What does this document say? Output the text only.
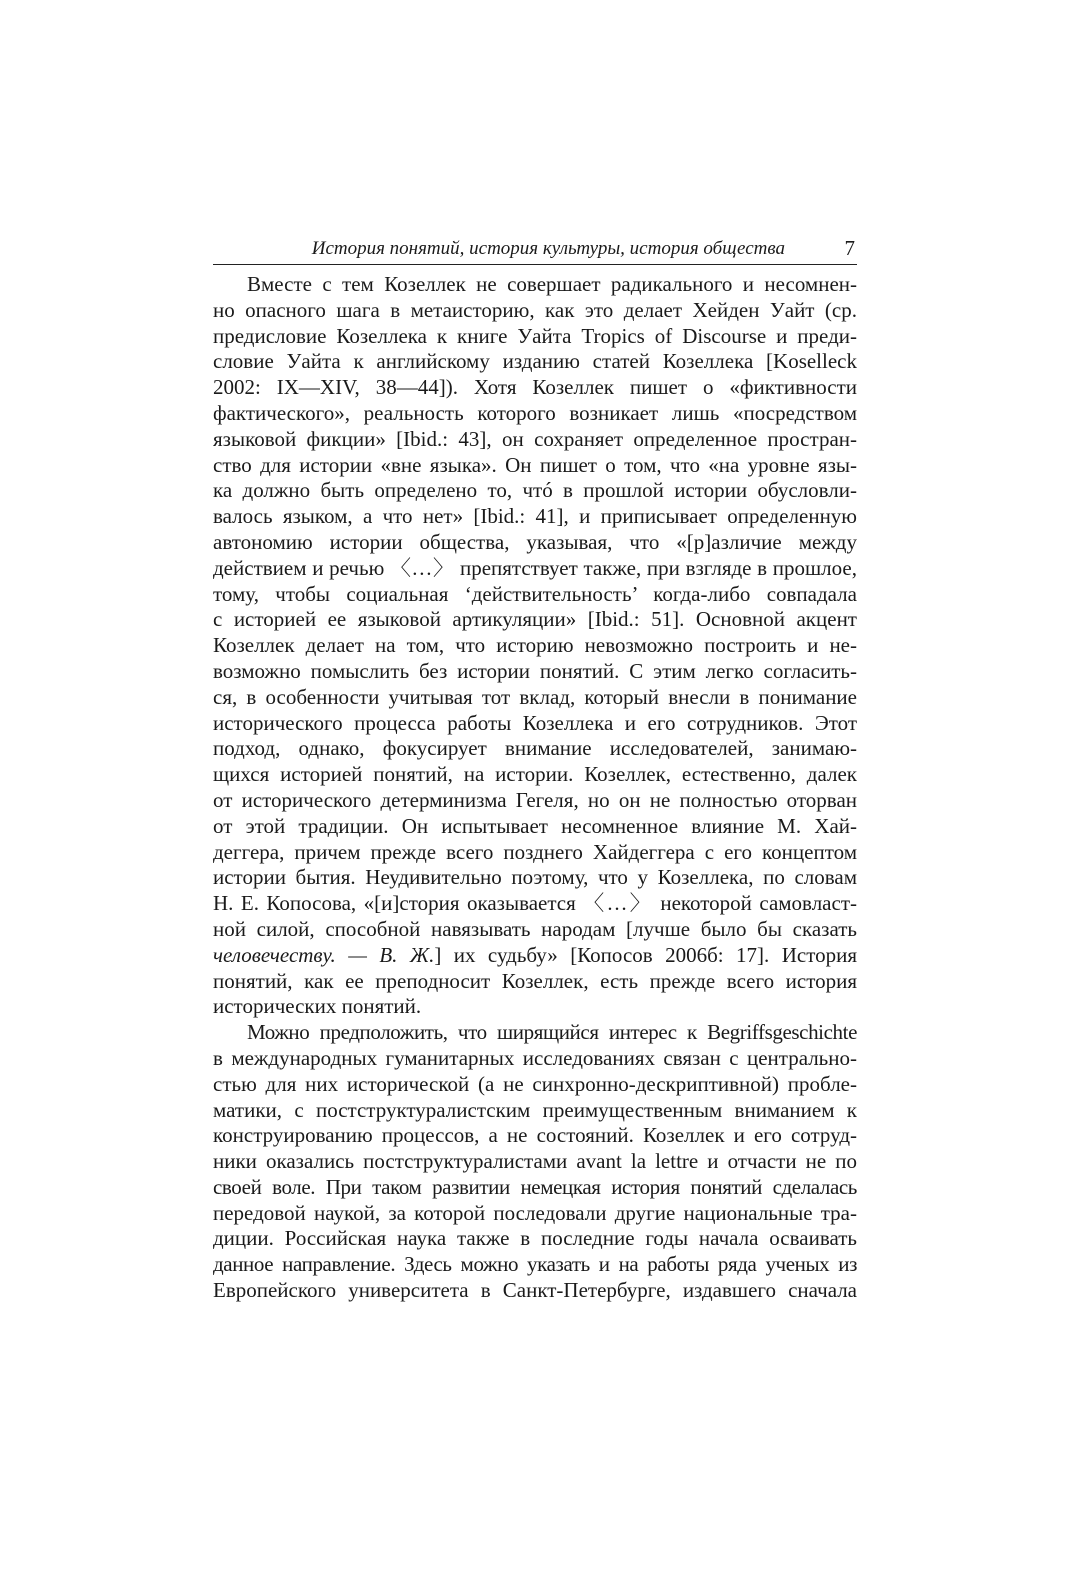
История понятий, история культуры, история общества	7
Вместе с тем Козеллек не совершает радикального и несомнен-
но опасного шага в метаисторию, как это делает Хейден Уайт (ср.
предисловие Козеллека к книге Уайта Tropics of Discourse и преди-
словие Уайта к английскому изданию статей Козеллека [Koselleck
2002: IX—XIV, 38—44]). Хотя Козеллек пишет о «фиктивности
фактического», реальность которого возникает лишь «посредством
языковой фикции» [Ibid.: 43], он сохраняет определенное простран-
ство для истории «вне языка». Он пишет о том, что «на уровне язы-
ка должно быть определено то, чтó в прошлой истории обусловли-
валось языком, а что нет» [Ibid.: 41], и приписывает определенную
автономию истории общества, указывая, что «[р]азличие между
действием и речью 〈…〉 препятствует также, при взгляде в прошлое,
тому, чтобы социальная ‘действительность’ когда-либо совпадала
с историей ее языковой артикуляции» [Ibid.: 51]. Основной акцент
Козеллек делает на том, что историю невозможно построить и не-
возможно помыслить без истории понятий. С этим легко согласить-
ся, в особенности учитывая тот вклад, который внесли в понимание
исторического процесса работы Козеллека и его сотрудников. Этот
подход, однако, фокусирует внимание исследователей, занимаю-
щихся историей понятий, на истории. Козеллек, естественно, далек
от исторического детерминизма Гегеля, но он не полностью оторван
от этой традиции. Он испытывает несомненное влияние М. Хай-
деггера, причем прежде всего позднего Хайдеггера с его концептом
истории бытия. Неудивительно поэтому, что у Козеллека, по словам
Н. Е. Копосова, «[и]стория оказывается 〈…〉 некоторой самовласт-
ной силой, способной навязывать народам [лучше было бы сказать
человечеству. — В. Ж.] их судьбу» [Копосов 2006б: 17]. История
понятий, как ее преподносит Козеллек, есть прежде всего история
исторических понятий.
Можно предположить, что ширящийся интерес к Begriffsgeschichte
в международных гуманитарных исследованиях связан с центрально-
стью для них исторической (а не синхронно-дескриптивной) пробле-
матики, с постструктуралистским преимущественным вниманием к
конструированию процессов, а не состояний. Козеллек и его сотруд-
ники оказались постструктуралистами avant la lettre и отчасти не по
своей воле. При таком развитии немецкая история понятий сделалась
передовой наукой, за которой последовали другие национальные тра-
диции. Российская наука также в последние годы начала осваивать
данное направление. Здесь можно указать и на работы ряда ученых из
Европейского университета в Санкт-Петербурге, издавшего сначала
